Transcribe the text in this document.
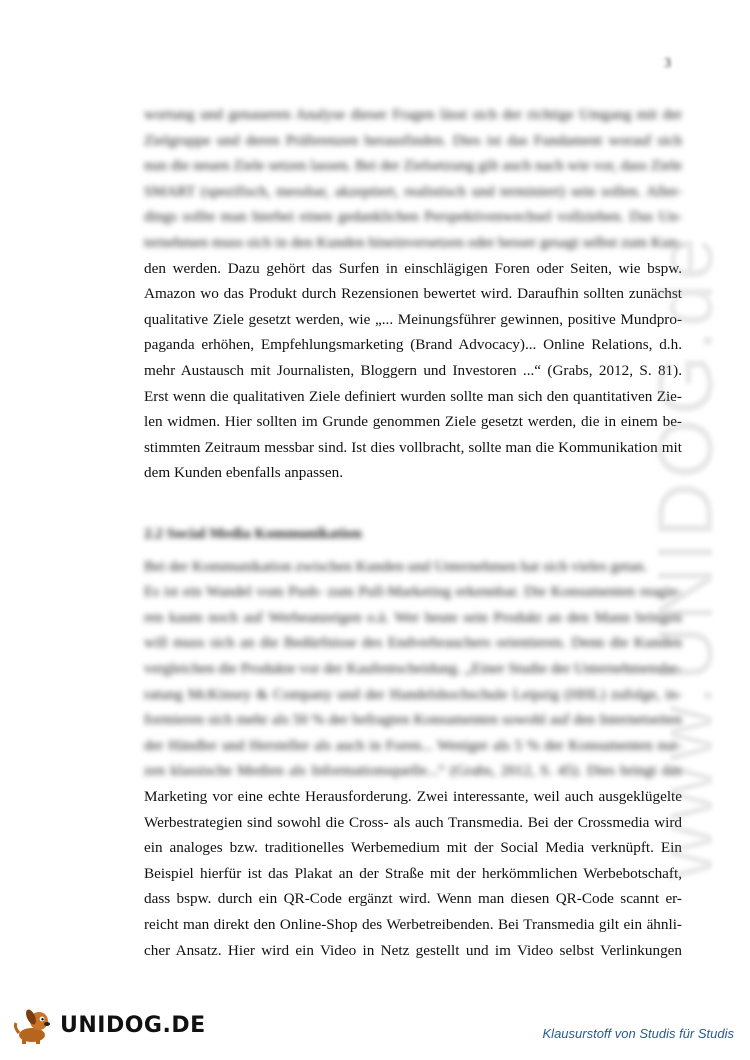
3
wortung und genaueren Analyse dieser Fragen lässt sich der richtige Umgang mit der
Zielgruppe und deren Präferenzen herausfinden. Dies ist das Fundament worauf sich
nun die neuen Ziele setzen lassen. Bei der Zielsetzung gilt auch nach wie vor, dass Ziele
SMART (spezifisch, messbar, akzeptiert, realistisch und terminiert) sein sollen. Aller-
dings sollte man hierbei einen gedanklichen Perspektivenwechsel vollziehen. Das Un-
ternehmen muss sich in den Kunden hineinversetzen oder besser gesagt selbst zum Kun-
den werden. Dazu gehört das Surfen in einschlägigen Foren oder Seiten, wie bspw.
Amazon wo das Produkt durch Rezensionen bewertet wird. Daraufhin sollten zunächst
qualitative Ziele gesetzt werden, wie „... Meinungsführer gewinnen, positive Mundpro-
paganda erhöhen, Empfehlungsmarketing (Brand Advocacy)... Online Relations, d.h.
mehr Austausch mit Journalisten, Bloggern und Investoren ...“ (Grabs, 2012, S. 81).
Erst wenn die qualitativen Ziele definiert wurden sollte man sich den quantitativen Zie-
len widmen. Hier sollten im Grunde genommen Ziele gesetzt werden, die in einem be-
stimmten Zeitraum messbar sind. Ist dies vollbracht, sollte man die Kommunikation mit
dem Kunden ebenfalls anpassen.
2.2 Social Media Kommunikation
Bei der Kommunikation zwischen Kunden und Unternehmen hat sich vieles getan.
Es ist ein Wandel vom Push- zum Pull-Marketing erkennbar. Die Konsumenten reagie-
ren kaum noch auf Werbeanzeigen o.ä. Wer heute sein Produkt an den Mann bringen
will muss sich an die Bedürfnisse des Endverbrauchers orientieren. Denn die Kunden
vergleichen die Produkte vor der Kaufentscheidung. „Einer Studie der Unternehmensbe-
ratung McKinsey & Company und der Handelshochschule Leipzig (HHL) zufolge, in-
formieren sich mehr als 50 % der befragten Konsumenten sowohl auf den Internetseiten
der Händler und Hersteller als auch in Foren... Weniger als 5 % der Konsumenten nut-
zen klassische Medien als Informationsquelle...“ (Grabs, 2012, S. 45). Dies bringt das
Marketing vor eine echte Herausforderung. Zwei interessante, weil auch ausgeklügelte
Werbestrategien sind sowohl die Cross- als auch Transmedia. Bei der Crossmedia wird
ein analoges bzw. traditionelles Werbemedium mit der Social Media verknüpft. Ein
Beispiel hierfür ist das Plakat an der Straße mit der herkömmlichen Werbebotschaft,
dass bspw. durch ein QR-Code ergänzt wird. Wenn man diesen QR-Code scannt er-
reicht man direkt den Online-Shop des Werbetreibenden. Bei Transmedia gilt ein ähnli-
cher Ansatz. Hier wird ein Video in Netz gestellt und im Video selbst Verlinkungen
www.UNIDOG.de
UNIDOG.DE	Klausurstoff von Studis für Studis
